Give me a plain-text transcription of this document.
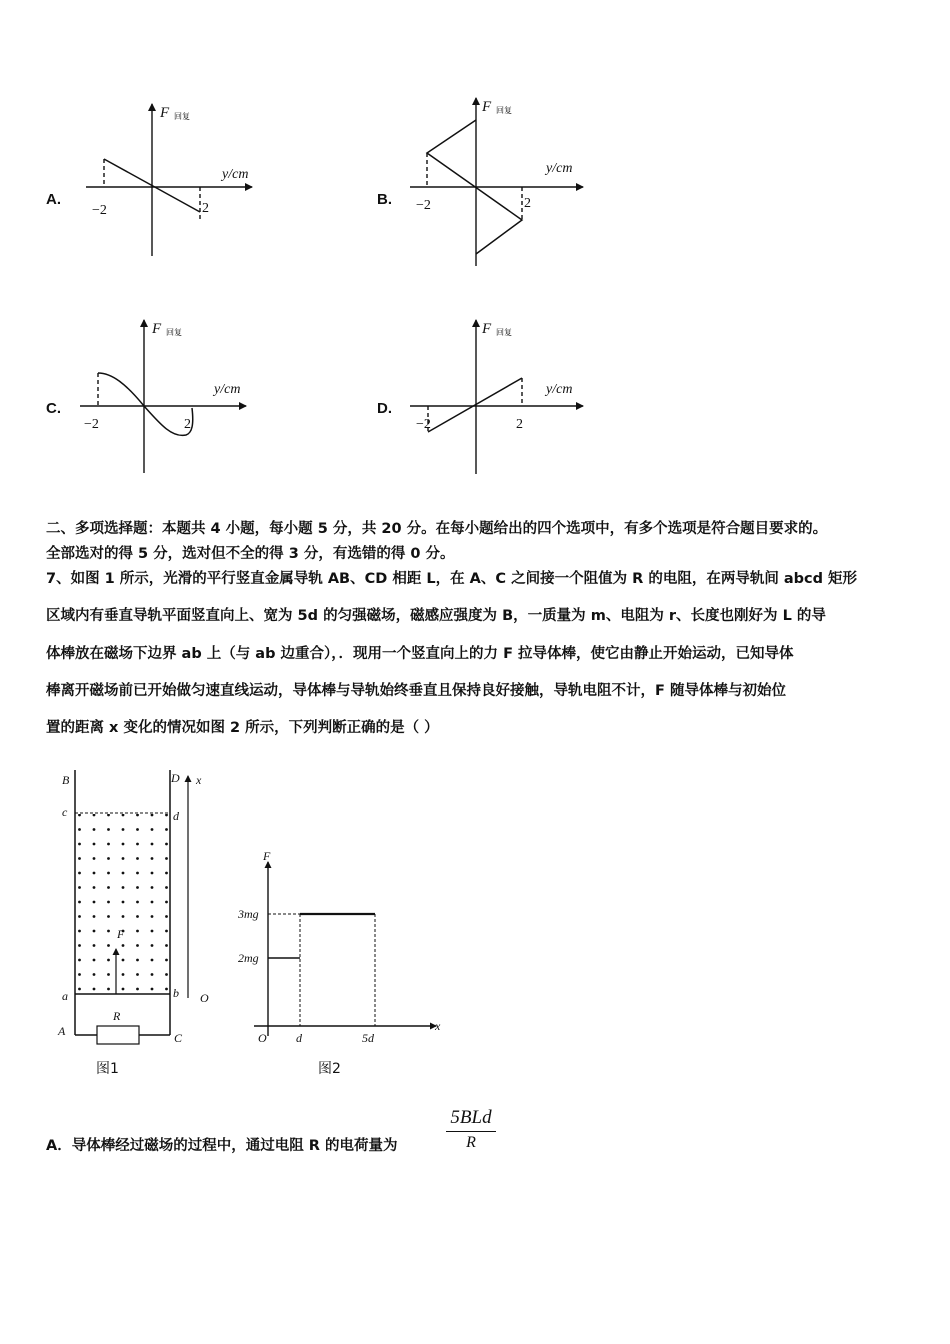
A.
F 回复
y/cm
−2	2
B.
F 回复
y/cm
−2	2
C.
F 回复
y/cm
−2	2
D.
F 回复
y/cm
−2	2
二、多项选择题：本题共 4 小题，每小题 5 分，共 20 分。在每小题给出的四个选项中，有多个选项是符合题目要求的。
全部选对的得 5 分，选对但不全的得 3 分，有选错的得 0 分。
7、如图 1 所示，光滑的平行竖直金属导轨 AB、CD 相距 L，在 A、C 之间接一个阻值为 R 的电阻，在两导轨间 abcd 矩形
区域内有垂直导轨平面竖直向上、宽为 5d 的匀强磁场，磁感应强度为 B，一质量为 m、电阻为 r、长度也刚好为 L 的导
体棒放在磁场下边界 ab 上（与 ab 边重合），．现用一个竖直向上的力 F 拉导体棒，使它由静止开始运动，已知导体
棒离开磁场前已开始做匀速直线运动，导体棒与导轨始终垂直且保持良好接触，导轨电阻不计，F 随导体棒与初始位
置的距离 x 变化的情况如图 2 所示，下列判断正确的是（ ）
B	D x
c	d
F
a	b O
A	C
R
图1
F
3mg
2mg
O d	5d
x
图2
A．导体棒经过磁场的过程中，通过电阻 R 的电荷量为
5BLd
R
